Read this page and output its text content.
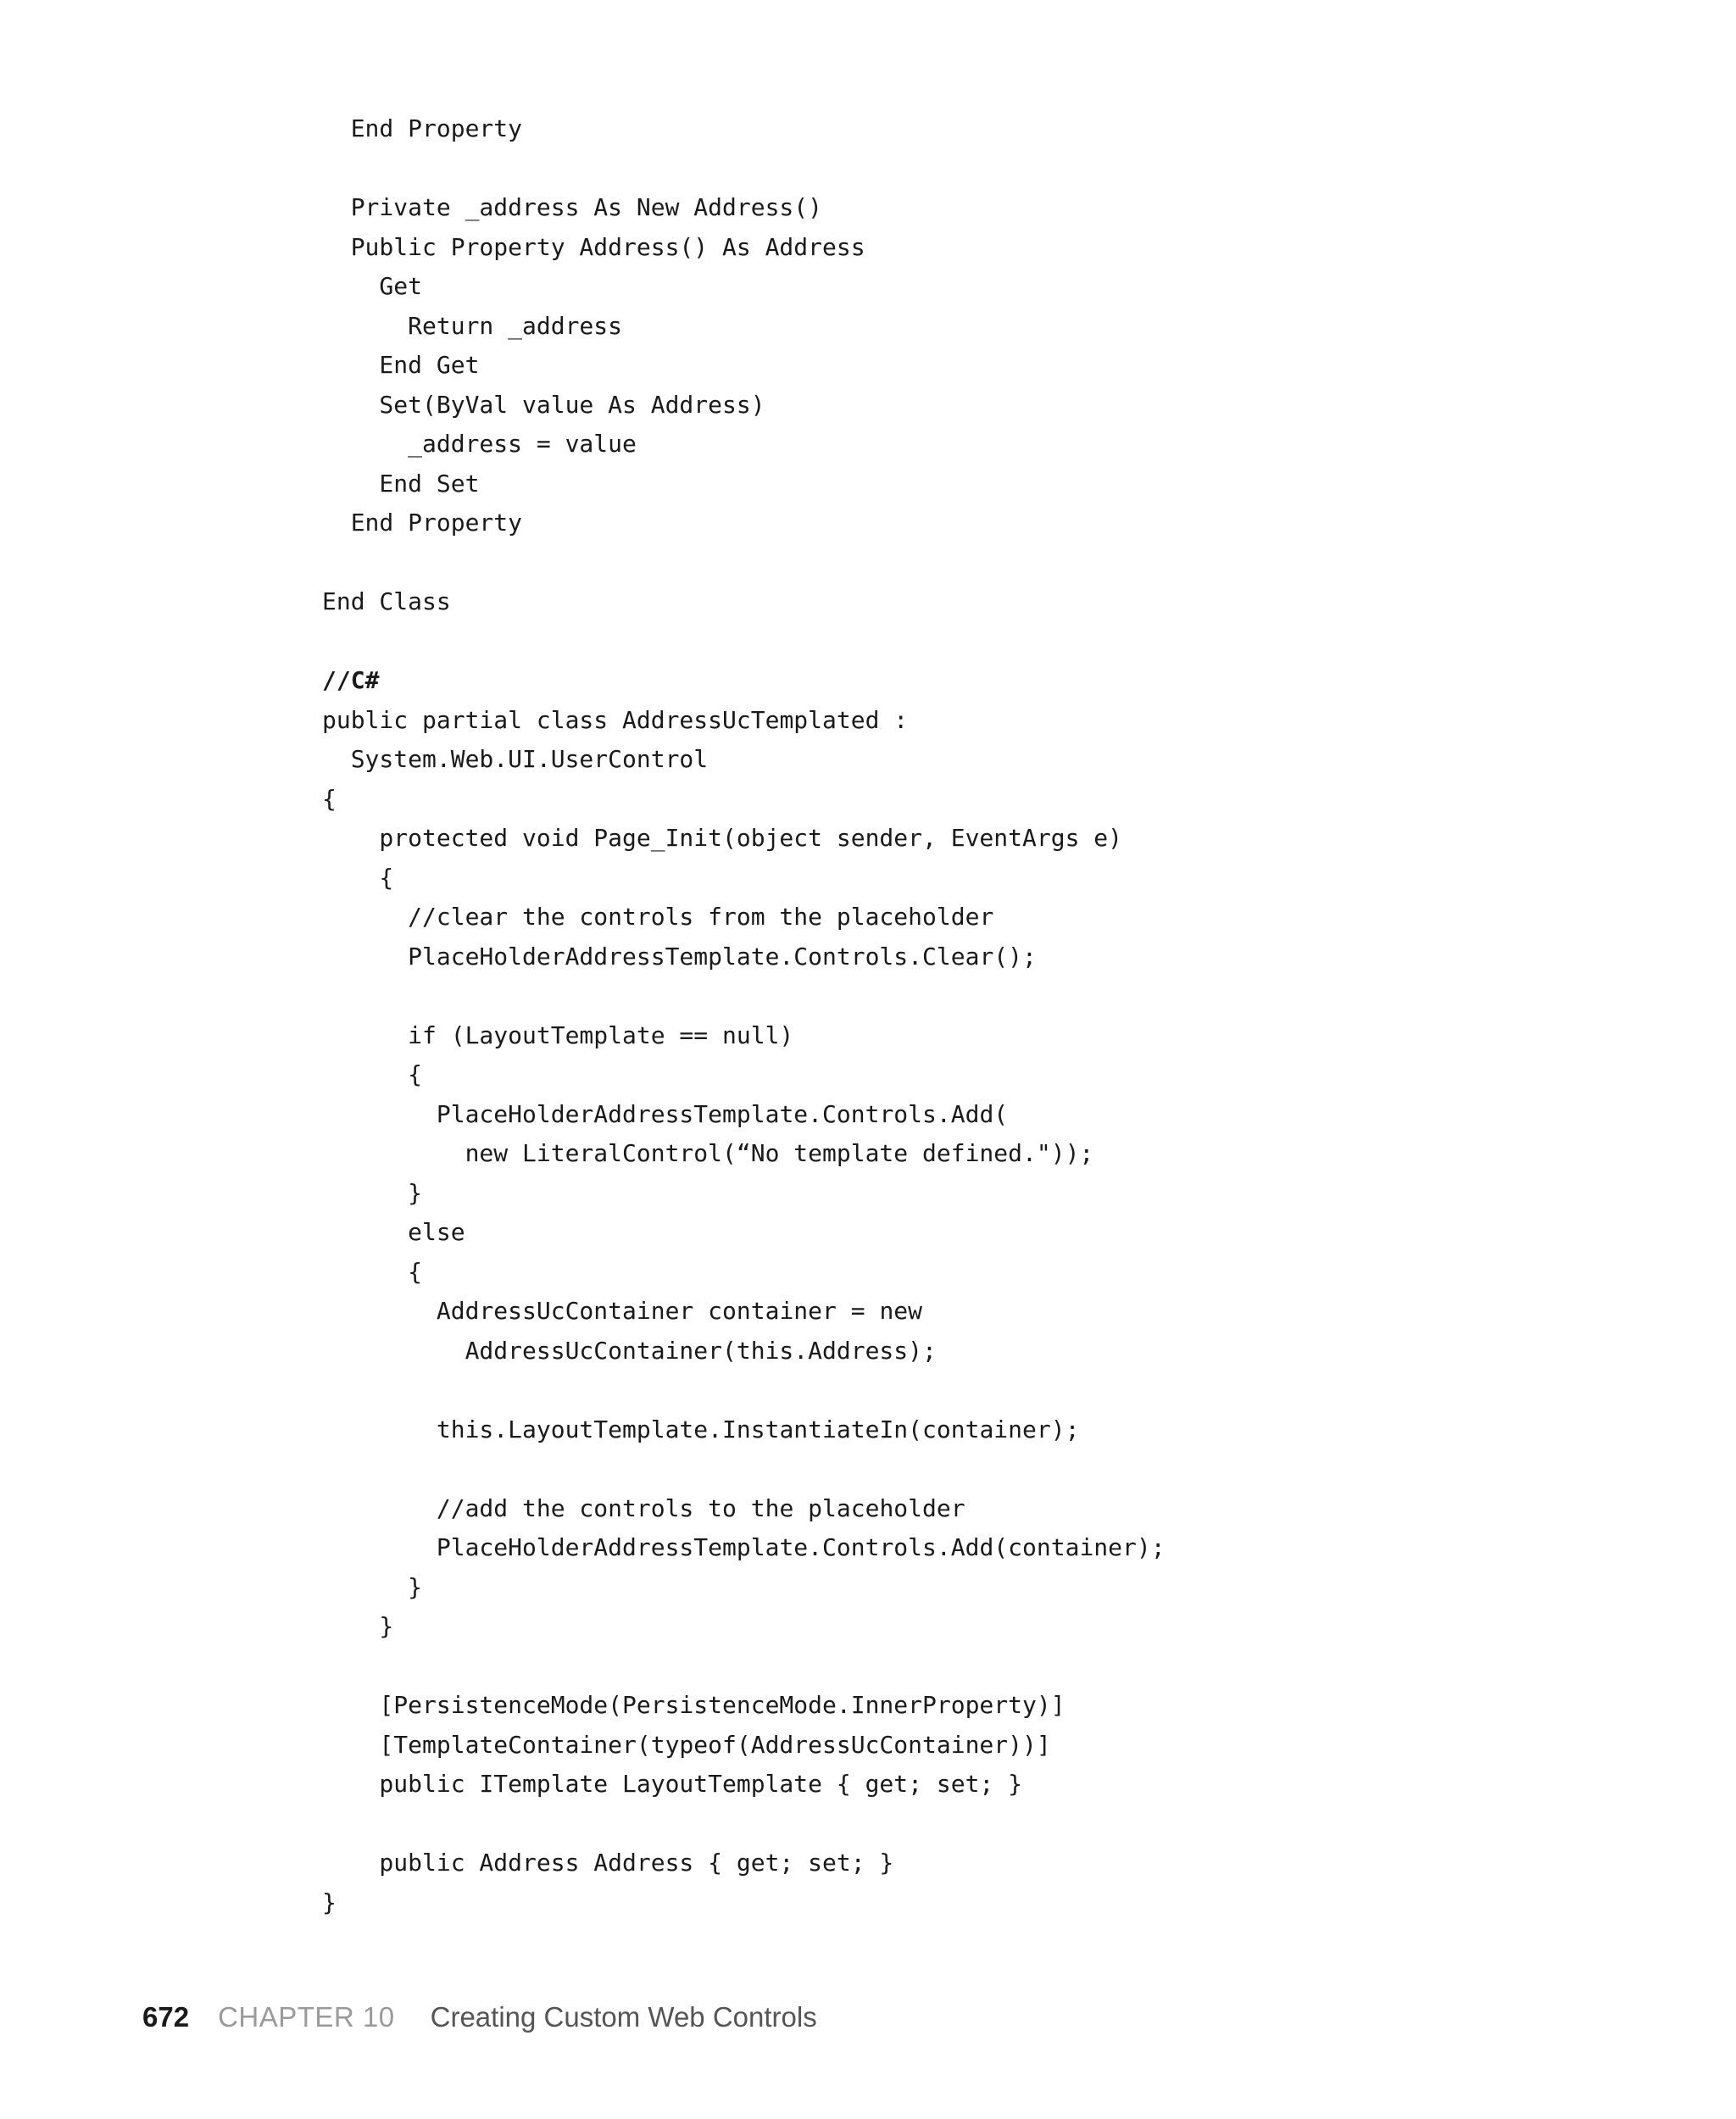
End Property
Private _address As New Address()
Public Property Address() As Address
Get
Return _address
End Get
Set(ByVal value As Address)
_address = value
End Set
End Property
End Class
//C#
public partial class AddressUcTemplated :
System.Web.UI.UserControl
{
protected void Page_Init(object sender, EventArgs e)
{
//clear the controls from the placeholder
PlaceHolderAddressTemplate.Controls.Clear();
if (LayoutTemplate == null)
{
PlaceHolderAddressTemplate.Controls.Add(
new LiteralControl(“No template defined."));
}
else
{
AddressUcContainer container = new
AddressUcContainer(this.Address);
this.LayoutTemplate.InstantiateIn(container);
//add the controls to the placeholder
PlaceHolderAddressTemplate.Controls.Add(container);
}
}
[PersistenceMode(PersistenceMode.InnerProperty)]
[TemplateContainer(typeof(AddressUcContainer))]
public ITemplate LayoutTemplate { get; set; }
public Address Address { get; set; }
}
672 CHAPTER 10 Creating Custom Web Controls
